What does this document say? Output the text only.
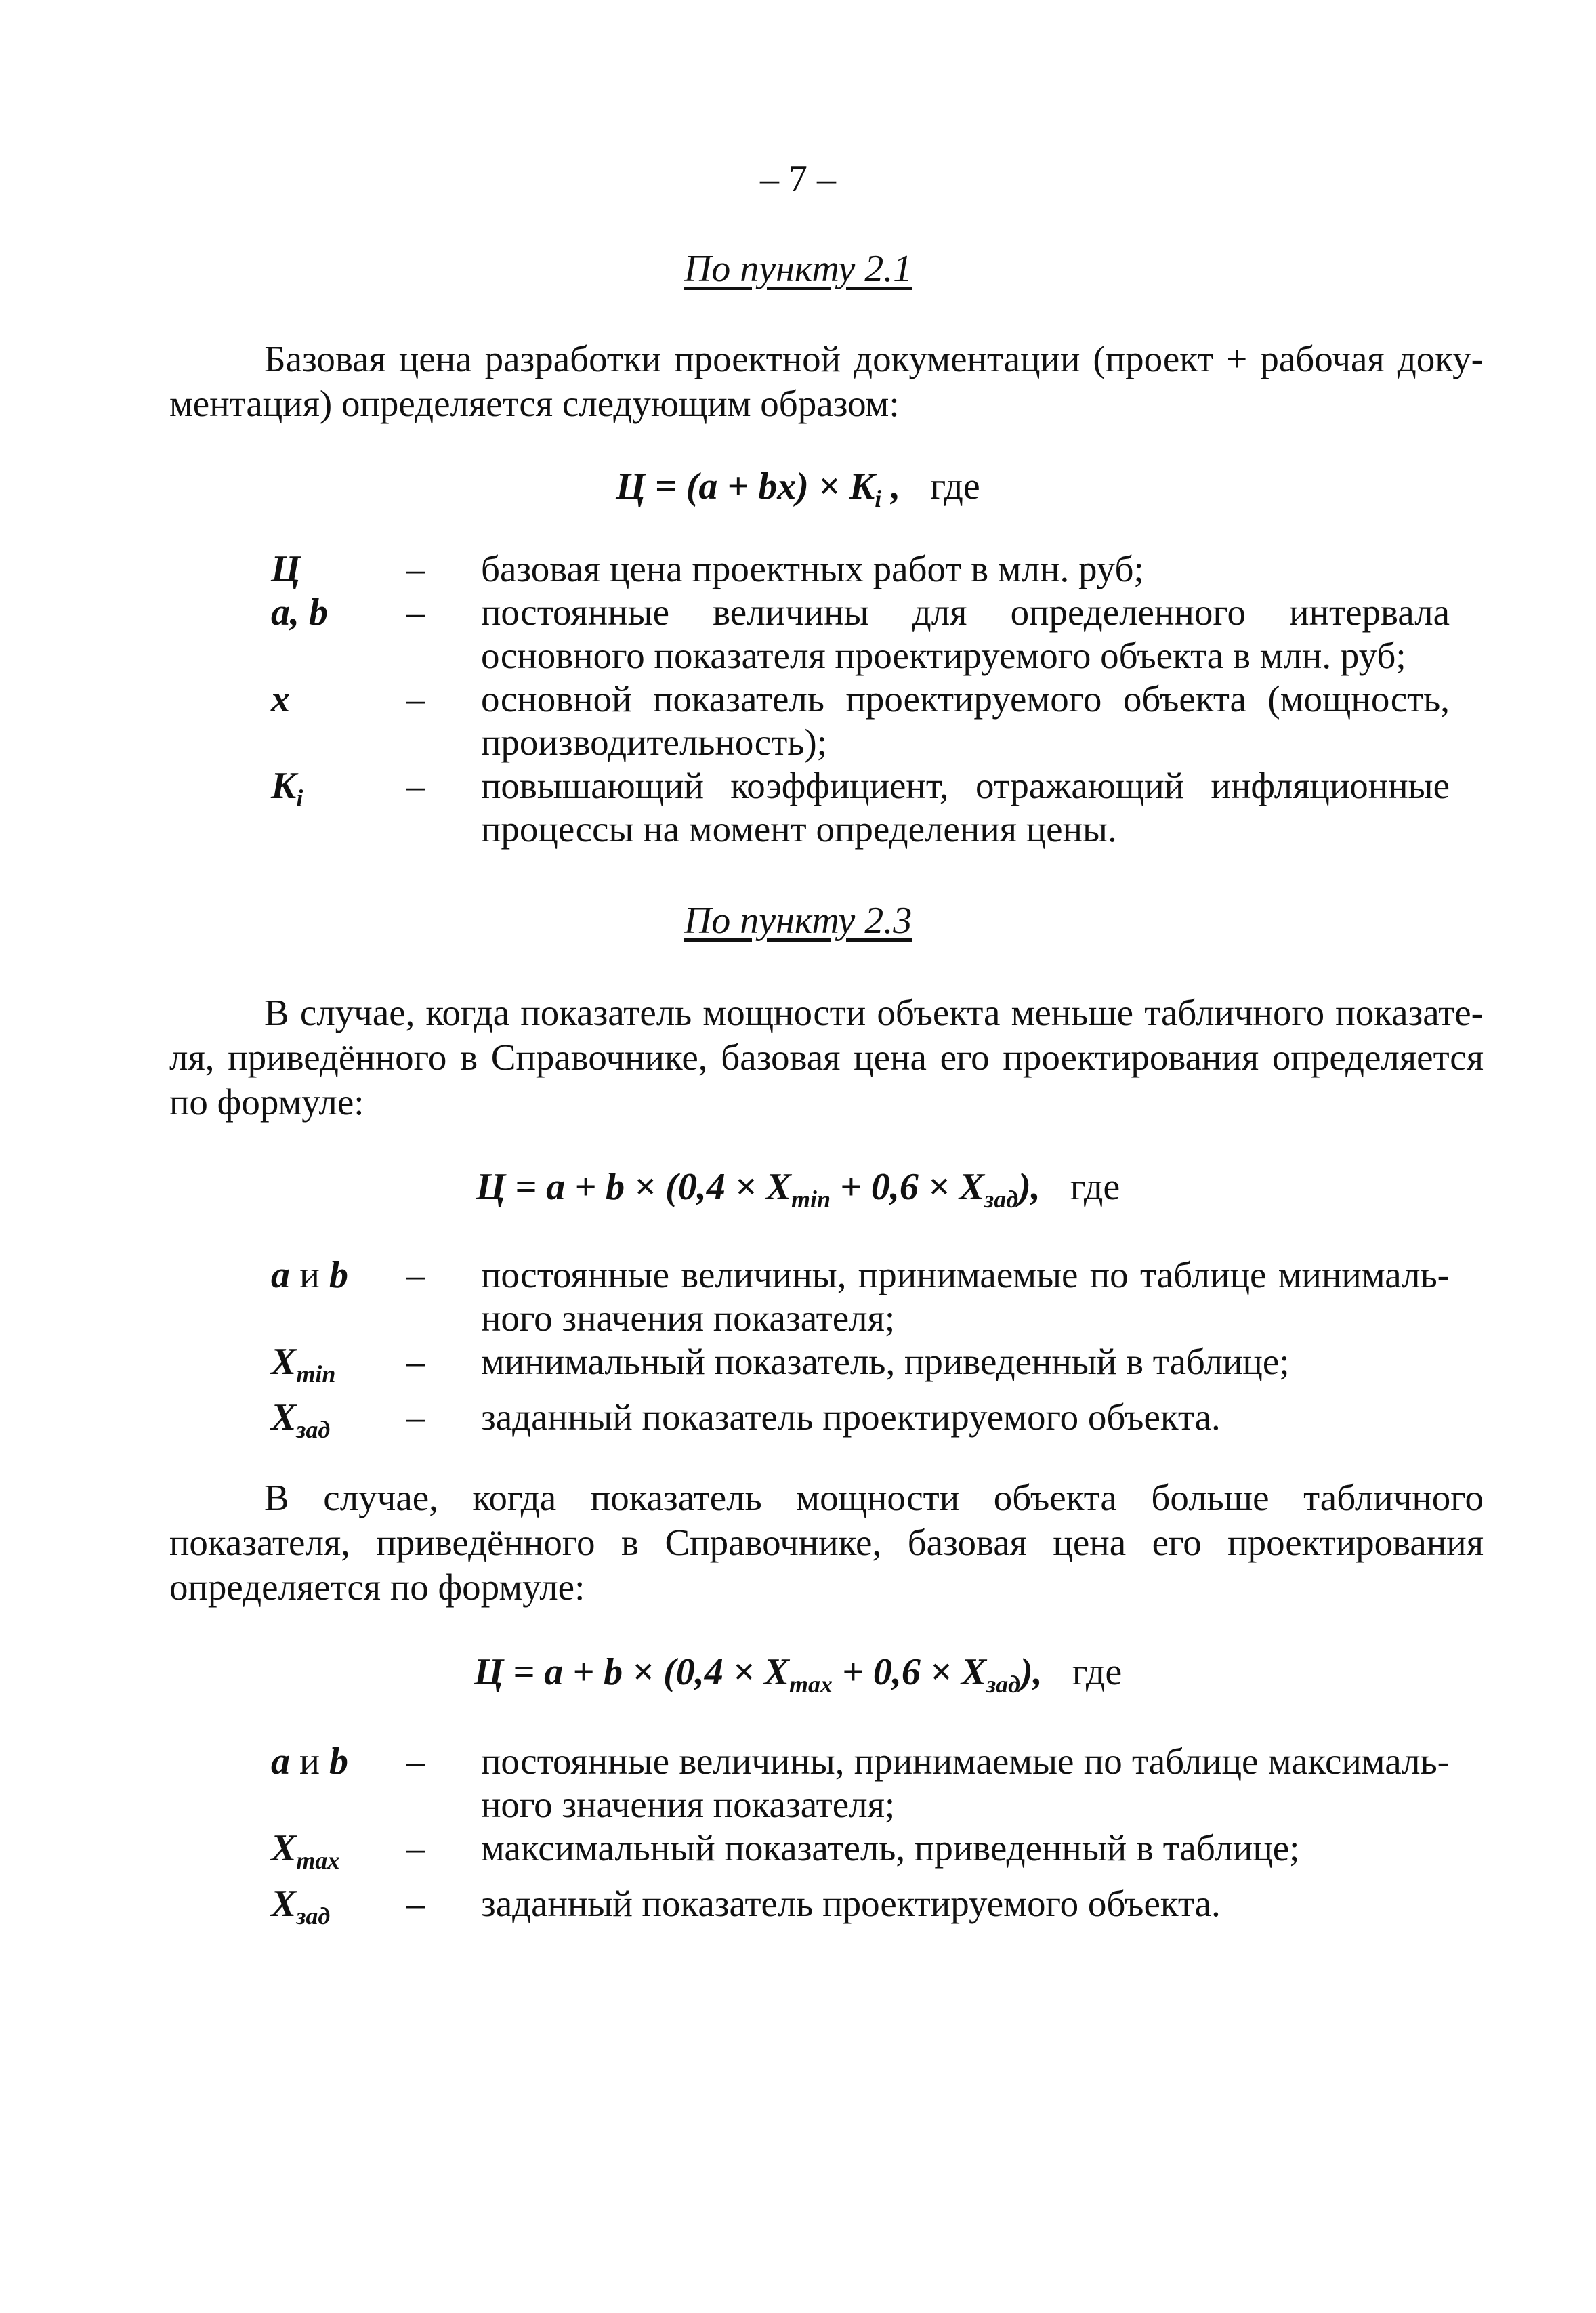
– 7 –
По пункту 2.1
Базовая цена разработки проектной документации (проект + рабочая документация) определяется следующим образом:
$Ц = (a + bx) \times K_i$ , где
Ц	–	базовая цена проектных работ в млн. руб;
a, b	–	постоянные величины для определенного интервала основного показателя проектируемого объекта в млн. руб;
x	–	основной показатель проектируемого объекта (мощность, производительность);
$K_i$	–	повышающий коэффициент, отражающий инфляционные процессы на момент определения цены.
По пункту 2.3
В случае, когда показатель мощности объекта меньше табличного показателя, приведённого в Справочнике, базовая цена его проектирования определяется по формуле:
$Ц = a + b \times (0,4 \times X_{min} + 0,6 \times X_{зад})$, где
a и b	–	постоянные величины, принимаемые по таблице минимального значения показателя;
$X_{min}$	–	минимальный показатель, приведенный в таблице;
$X_{зад}$	–	заданный показатель проектируемого объекта.
В случае, когда показатель мощности объекта больше табличного показателя, приведённого в Справочнике, базовая цена его проектирования определяется по формуле:
$Ц = a + b \times (0,4 \times X_{max} + 0,6 \times X_{зад})$, где
a и b	–	постоянные величины, принимаемые по таблице максимального значения показателя;
$X_{max}$	–	максимальный показатель, приведенный в таблице;
$X_{зад}$	–	заданный показатель проектируемого объекта.
